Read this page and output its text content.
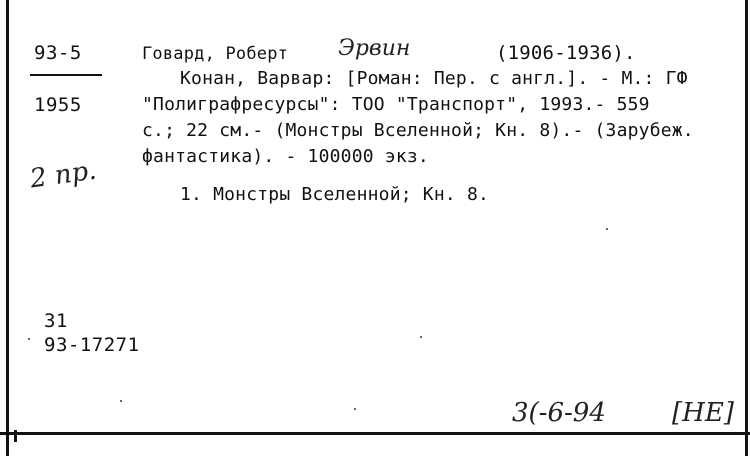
93-5
1955
2 пр.
31
93-17271
Говард, Роберт Эрвин	(1906-1936).
Конан, Варвар: [Роман: Пер. с англ.]. - М.: ГФ
"Полиграфресурсы": ТОО "Транспорт", 1993.- 559
с.; 22 см.- (Монстры Вселенной; Кн. 8).- (Зарубеж.
фантастика). - 100000 экз.
1. Монстры Вселенной; Кн. 8.
3(-6-94	[НЕ]
